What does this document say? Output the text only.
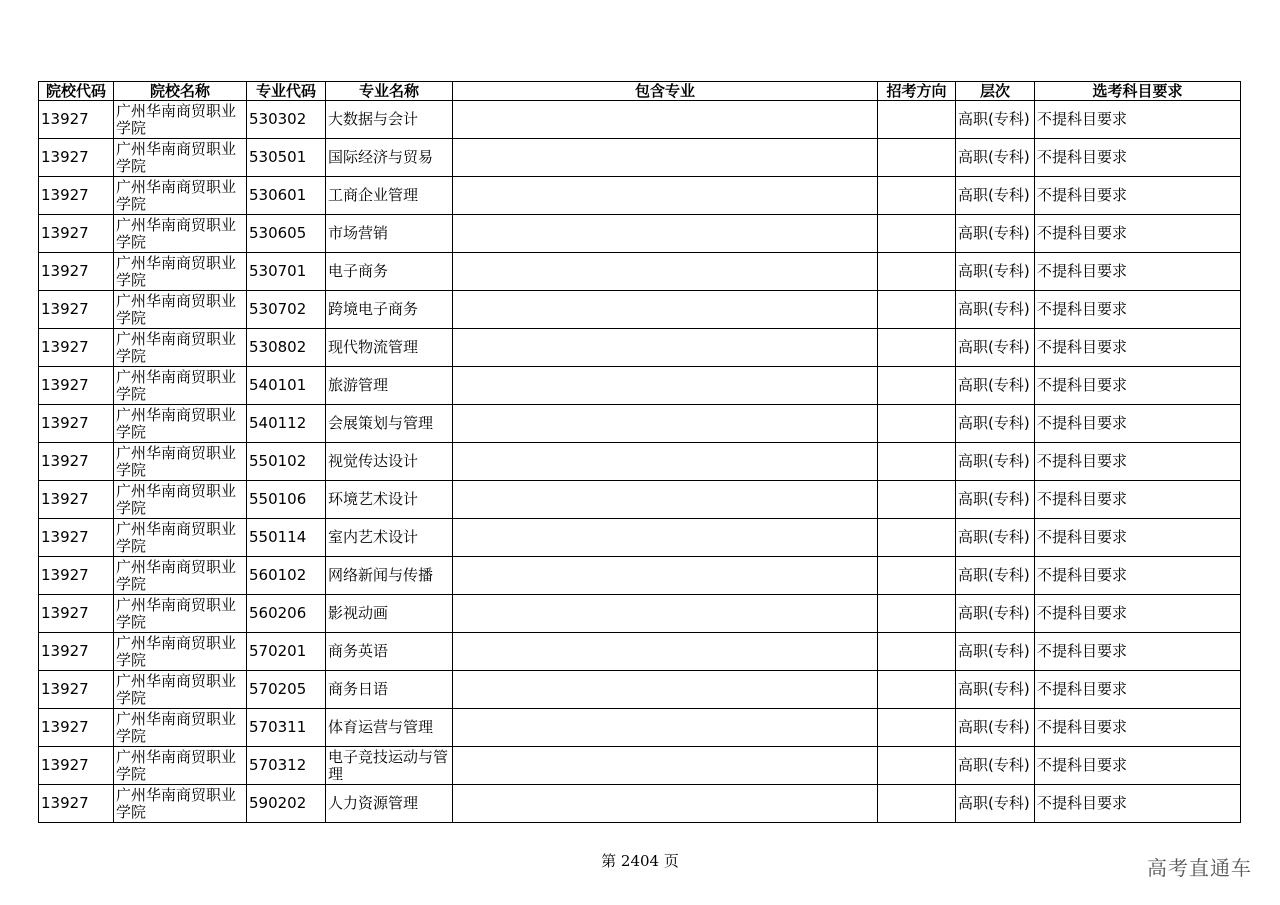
院校代码	院校名称	专业代码	专业名称	包含专业	招考方向	层次	选考科目要求
13927	广州华南商贸职业学院	530302	大数据与会计			高职(专科)	不提科目要求
13927	广州华南商贸职业学院	530501	国际经济与贸易			高职(专科)	不提科目要求
13927	广州华南商贸职业学院	530601	工商企业管理			高职(专科)	不提科目要求
13927	广州华南商贸职业学院	530605	市场营销			高职(专科)	不提科目要求
13927	广州华南商贸职业学院	530701	电子商务			高职(专科)	不提科目要求
13927	广州华南商贸职业学院	530702	跨境电子商务			高职(专科)	不提科目要求
13927	广州华南商贸职业学院	530802	现代物流管理			高职(专科)	不提科目要求
13927	广州华南商贸职业学院	540101	旅游管理			高职(专科)	不提科目要求
13927	广州华南商贸职业学院	540112	会展策划与管理			高职(专科)	不提科目要求
13927	广州华南商贸职业学院	550102	视觉传达设计			高职(专科)	不提科目要求
13927	广州华南商贸职业学院	550106	环境艺术设计			高职(专科)	不提科目要求
13927	广州华南商贸职业学院	550114	室内艺术设计			高职(专科)	不提科目要求
13927	广州华南商贸职业学院	560102	网络新闻与传播			高职(专科)	不提科目要求
13927	广州华南商贸职业学院	560206	影视动画			高职(专科)	不提科目要求
13927	广州华南商贸职业学院	570201	商务英语			高职(专科)	不提科目要求
13927	广州华南商贸职业学院	570205	商务日语			高职(专科)	不提科目要求
13927	广州华南商贸职业学院	570311	体育运营与管理			高职(专科)	不提科目要求
13927	广州华南商贸职业学院	570312	电子竞技运动与管理			高职(专科)	不提科目要求
13927	广州华南商贸职业学院	590202	人力资源管理			高职(专科)	不提科目要求
第 2404 页	高考直通车
